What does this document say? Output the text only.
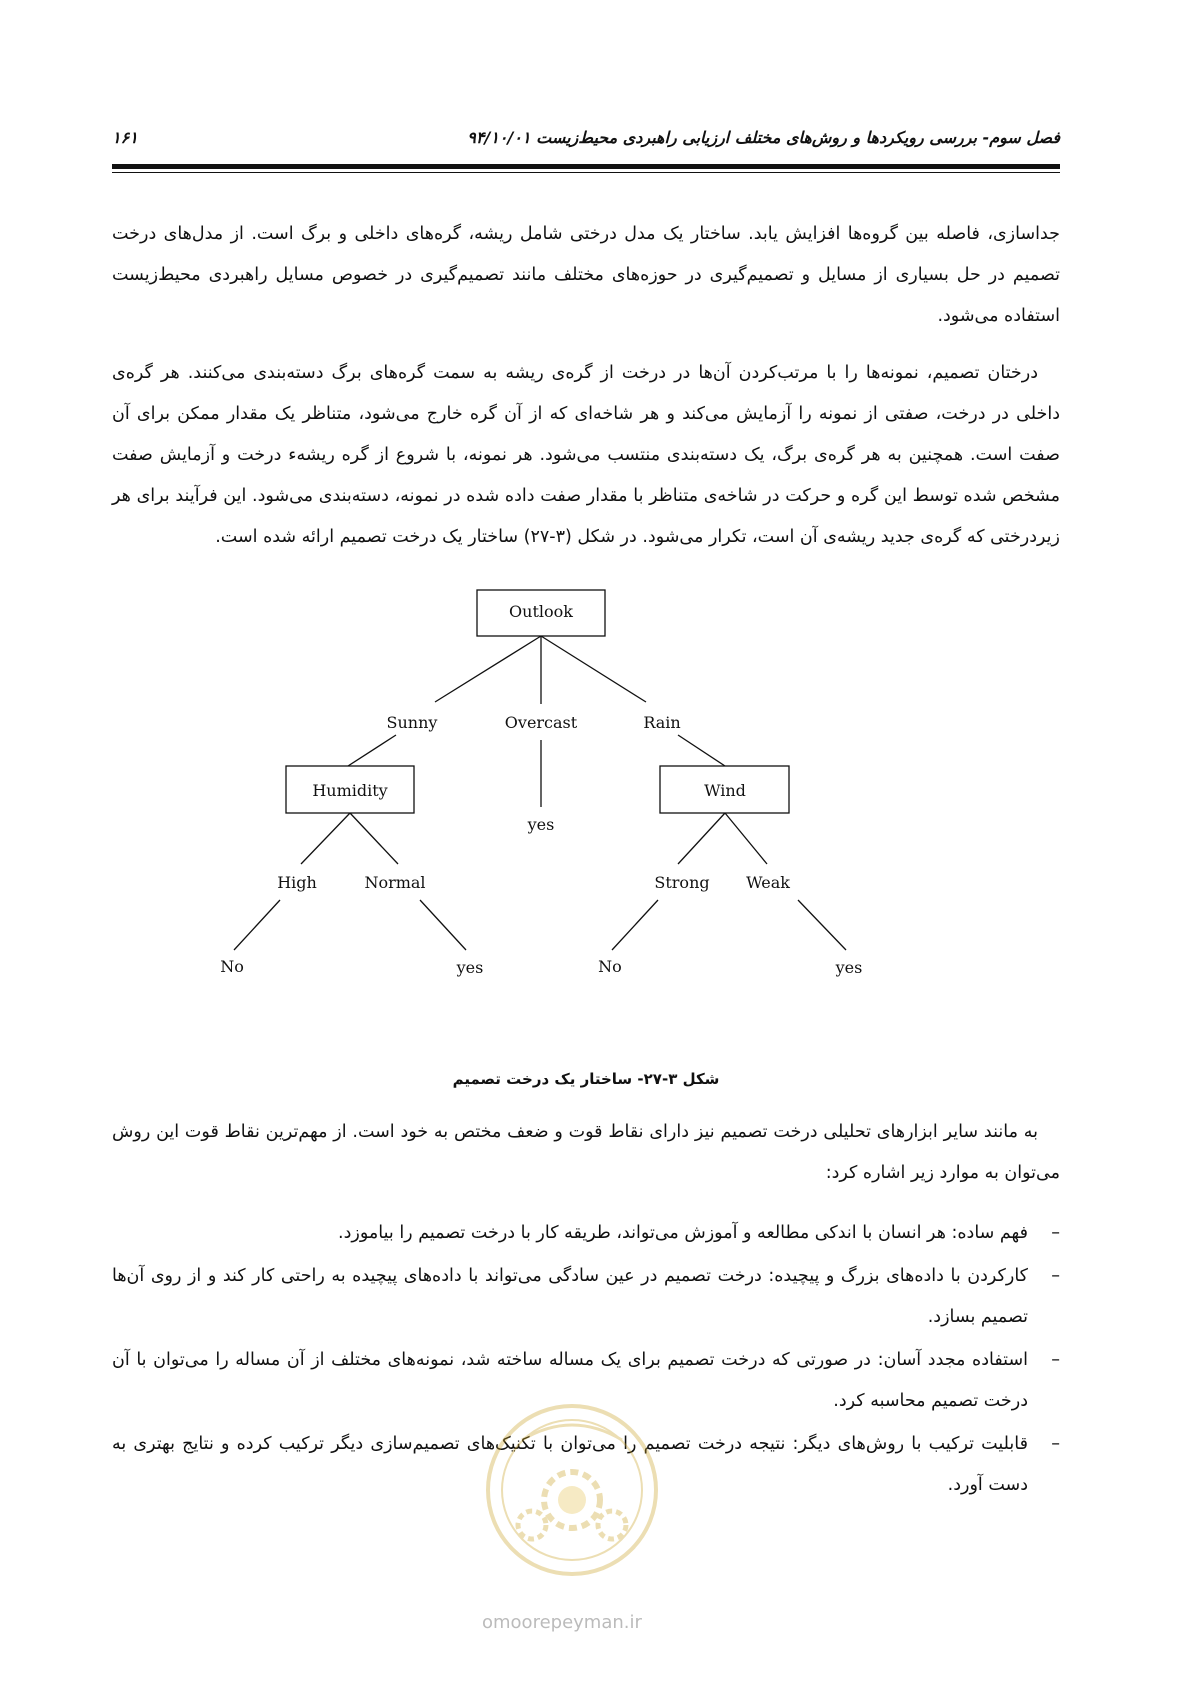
فصل سوم- بررسی رویکردها و روش‌های مختلف ارزیابی راهبردی محیط‌زیست ۹۴/۱۰/۰۱
۱۶۱

جداسازی، فاصله بین گروه‌ها افزایش یابد. ساختار یک مدل درختی شامل ریشه، گره‌های داخلی و برگ است. از مدل‌های درخت تصمیم در حل بسیاری از مسایل و تصمیم‌گیری در حوزه‌های مختلف مانند تصمیم‌گیری در خصوص مسایل راهبردی محیط‌زیست استفاده می‌شود.

درختان تصمیم، نمونه‌ها را با مرتب‌کردن آن‌ها در درخت از گره‌ی ریشه به سمت گره‌های برگ دسته‌بندی می‌کنند. هر گره‌ی داخلی در درخت، صفتی از نمونه را آزمایش می‌کند و هر شاخه‌ای که از آن گره خارج می‌شود، متناظر یک مقدار ممکن برای آن صفت است. همچنین به هر گره‌ی برگ، یک دسته‌بندی منتسب می‌شود. هر نمونه، با شروع از گره ریشهء درخت و آزمایش صفت مشخص شده توسط این گره و حرکت در شاخه‌ی متناظر با مقدار صفت داده شده در نمونه، دسته‌بندی می‌شود. این فرآیند برای هر زیردرختی که گره‌ی جدید ریشه‌ی آن است، تکرار می‌شود. در شکل (۳-۲۷) ساختار یک درخت تصمیم ارائه شده است.

Outlook
Sunny	Overcast	Rain
Humidity	Wind
yes
High	Normal	Strong Weak
No	yes	No	yes
شکل ۳-۲۷- ساختار یک درخت تصمیم

به مانند سایر ابزارهای تحلیلی درخت تصمیم نیز دارای نقاط قوت و ضعف مختص به خود است. از مهم‌ترین نقاط قوت این روش می‌توان به موارد زیر اشاره کرد:

–
فهم ساده: هر انسان با اندکی مطالعه و آموزش می‌تواند، طریقه کار با درخت تصمیم را بیاموزد.
–
کارکردن با داده‌های بزرگ و پیچیده: درخت تصمیم در عین سادگی می‌تواند با داده‌های پیچیده به راحتی کار کند و از روی آن‌ها تصمیم بسازد.
–
استفاده مجدد آسان: در صورتی که درخت تصمیم برای یک مساله ساخته شد، نمونه‌های مختلف از آن مساله را می‌توان با آن درخت تصمیم محاسبه کرد.
–
قابلیت ترکیب با روش‌های دیگر: نتیجه درخت تصمیم را می‌توان با تکنیک‌های تصمیم‌سازی دیگر ترکیب کرده و نتایج بهتری به دست آورد.
omoorepeyman.ir
